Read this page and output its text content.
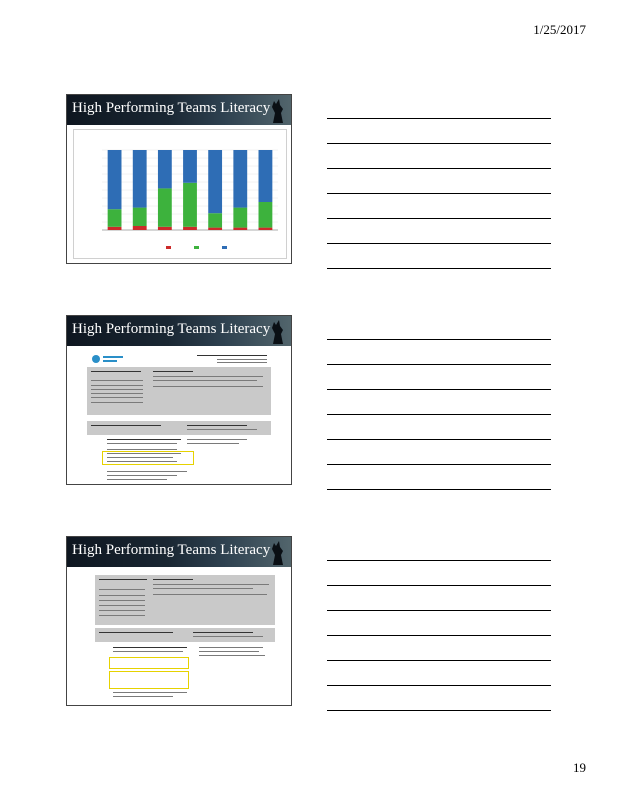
1/25/2017
High Performing Teams Literacy
High Performing Teams Literacy
High Performing Teams Literacy
19
